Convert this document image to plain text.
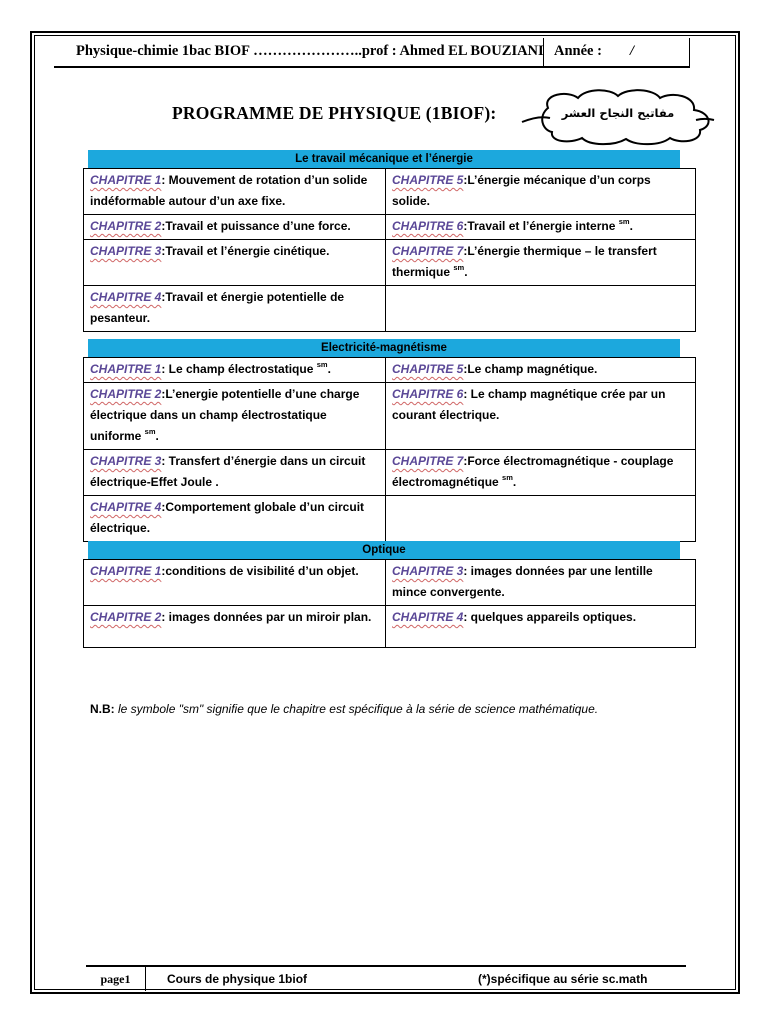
Physique-chimie 1bac BIOF …………………..prof : Ahmed EL BOUZIANI Année : /
PROGRAMME DE PHYSIQUE (1BIOF):	مفاتيح النجاح العشر
Le travail mécanique et l’énergie
CHAPITRE 1: Mouvement de rotation d’un solide indéformable autour d’un axe fixe.	CHAPITRE 5:L’énergie mécanique d’un corps solide.
CHAPITRE 2:Travail et puissance d’une force.	CHAPITRE 6:Travail et l’énergie interne $^{sm}$.
CHAPITRE 3:Travail et l’énergie cinétique.	CHAPITRE 7:L’énergie thermique – le transfert thermique $^{sm}$.
CHAPITRE 4:Travail et énergie potentielle de pesanteur.	
Electricité-magnétisme
CHAPITRE 1: Le champ électrostatique $^{sm}$.	CHAPITRE 5:Le champ magnétique.
CHAPITRE 2:L’energie potentielle d’une charge électrique dans un champ électrostatique uniforme $^{sm}$.	CHAPITRE 6: Le champ magnétique crée par un courant électrique.
CHAPITRE 3: Transfert d’énergie dans un circuit électrique-Effet Joule .	CHAPITRE 7:Force électromagnétique - couplage électromagnétique $^{sm}$.
CHAPITRE 4:Comportement globale d’un circuit électrique.	
Optique
CHAPITRE 1:conditions de visibilité d’un objet.	CHAPITRE 3: images données par une lentille mince convergente.
CHAPITRE 2: images données par un miroir plan.	CHAPITRE 4: quelques appareils optiques.
N.B: le symbole "sm" signifie que le chapitre est spécifique à la série de science mathématique.
page1	Cours de physique 1biof	(*)spécifique au série sc.math
